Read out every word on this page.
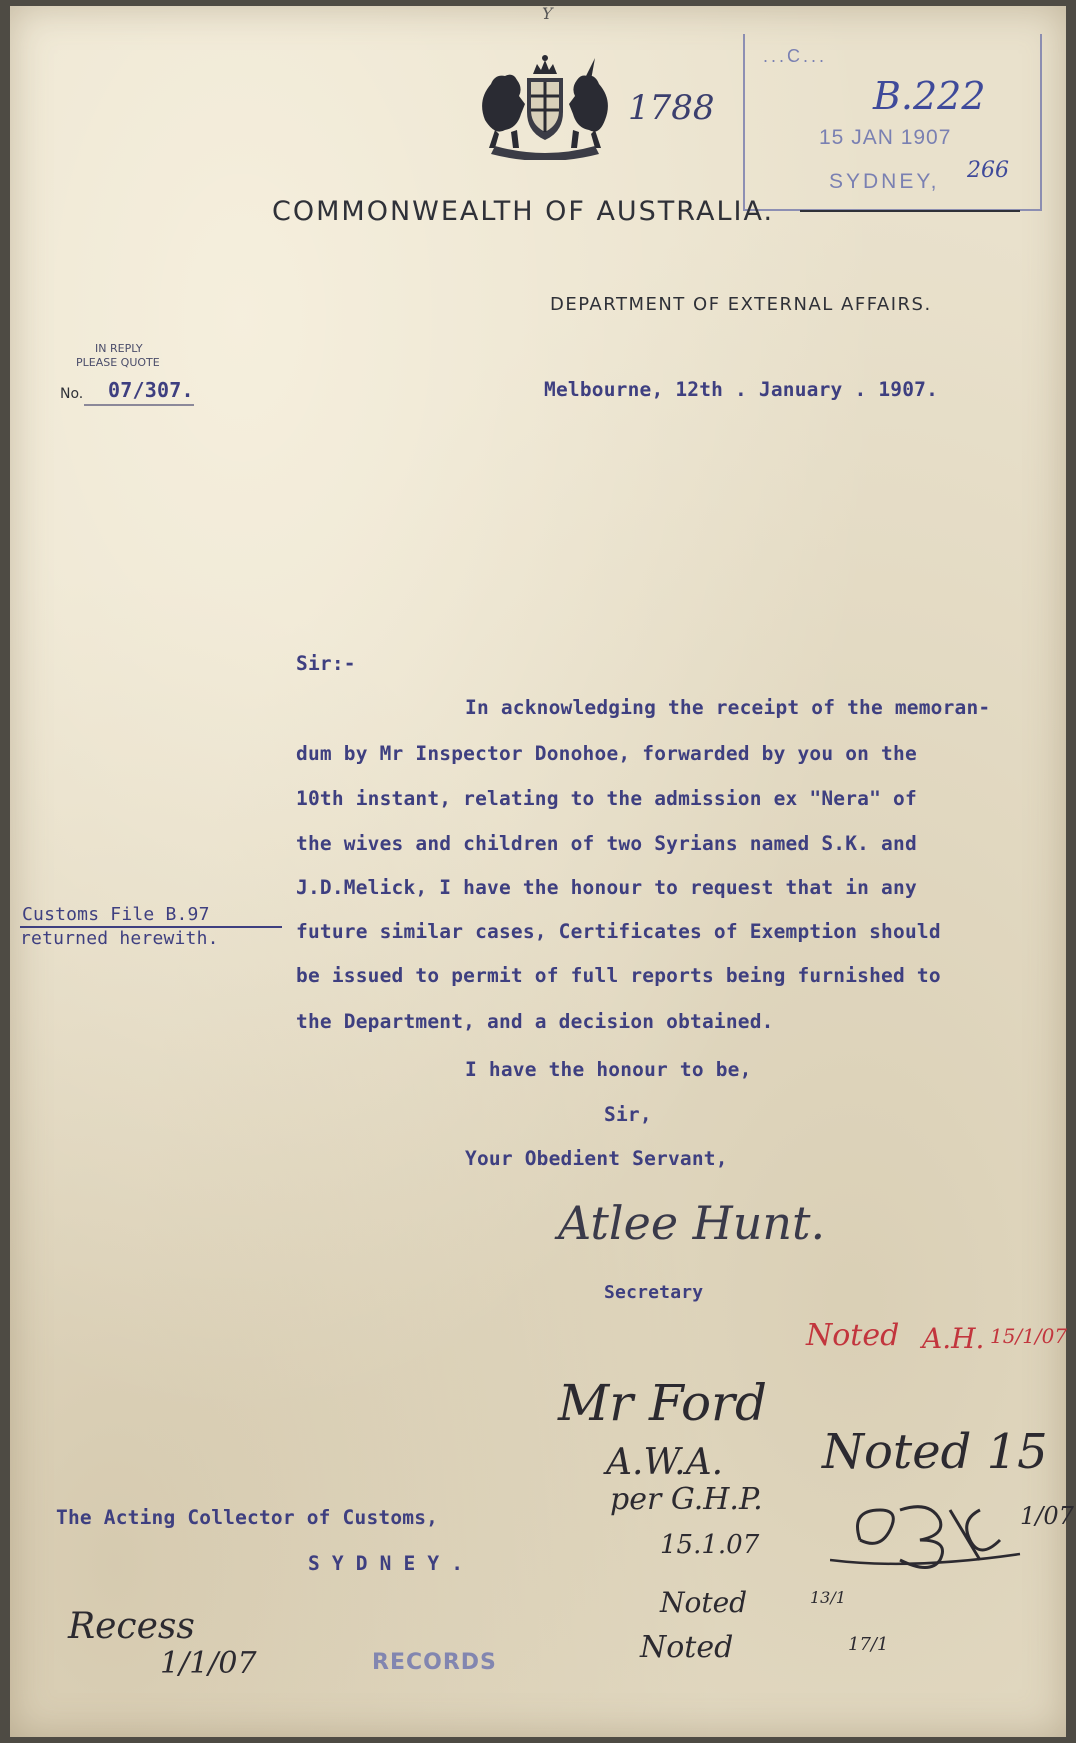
Y
1788
...C...
B.222
15 JAN 1907
SYDNEY, 266
COMMONWEALTH OF AUSTRALIA.
DEPARTMENT OF EXTERNAL AFFAIRS.
IN REPLY
PLEASE QUOTE
No. 07/307.	Melbourne, 12th . January . 1907.
Sir:-
In acknowledging the receipt of the memoran-
dum by Mr Inspector Donohoe, forwarded by you on the
10th instant, relating to the admission ex "Nera" of
the wives and children of two Syrians named S.K. and
J.D.Melick, I have the honour to request that in any
future similar cases, Certificates of Exemption should
be issued to permit of full reports being furnished to
the Department, and a decision obtained.
Customs File B.97
returned herewith.
I have the honour to be,
Sir,
Your Obedient Servant,
Atlee Hunt.
Secretary
Noted A.H. 15/1/07
Mr Ford
A.W.A.
per G.H.P.
15.1.07
Noted 15
1/07
Noted	13/1
Noted	17/1
The Acting Collector of Customs,
S Y D N E Y .
Recess
1/1/07	RECORDS
